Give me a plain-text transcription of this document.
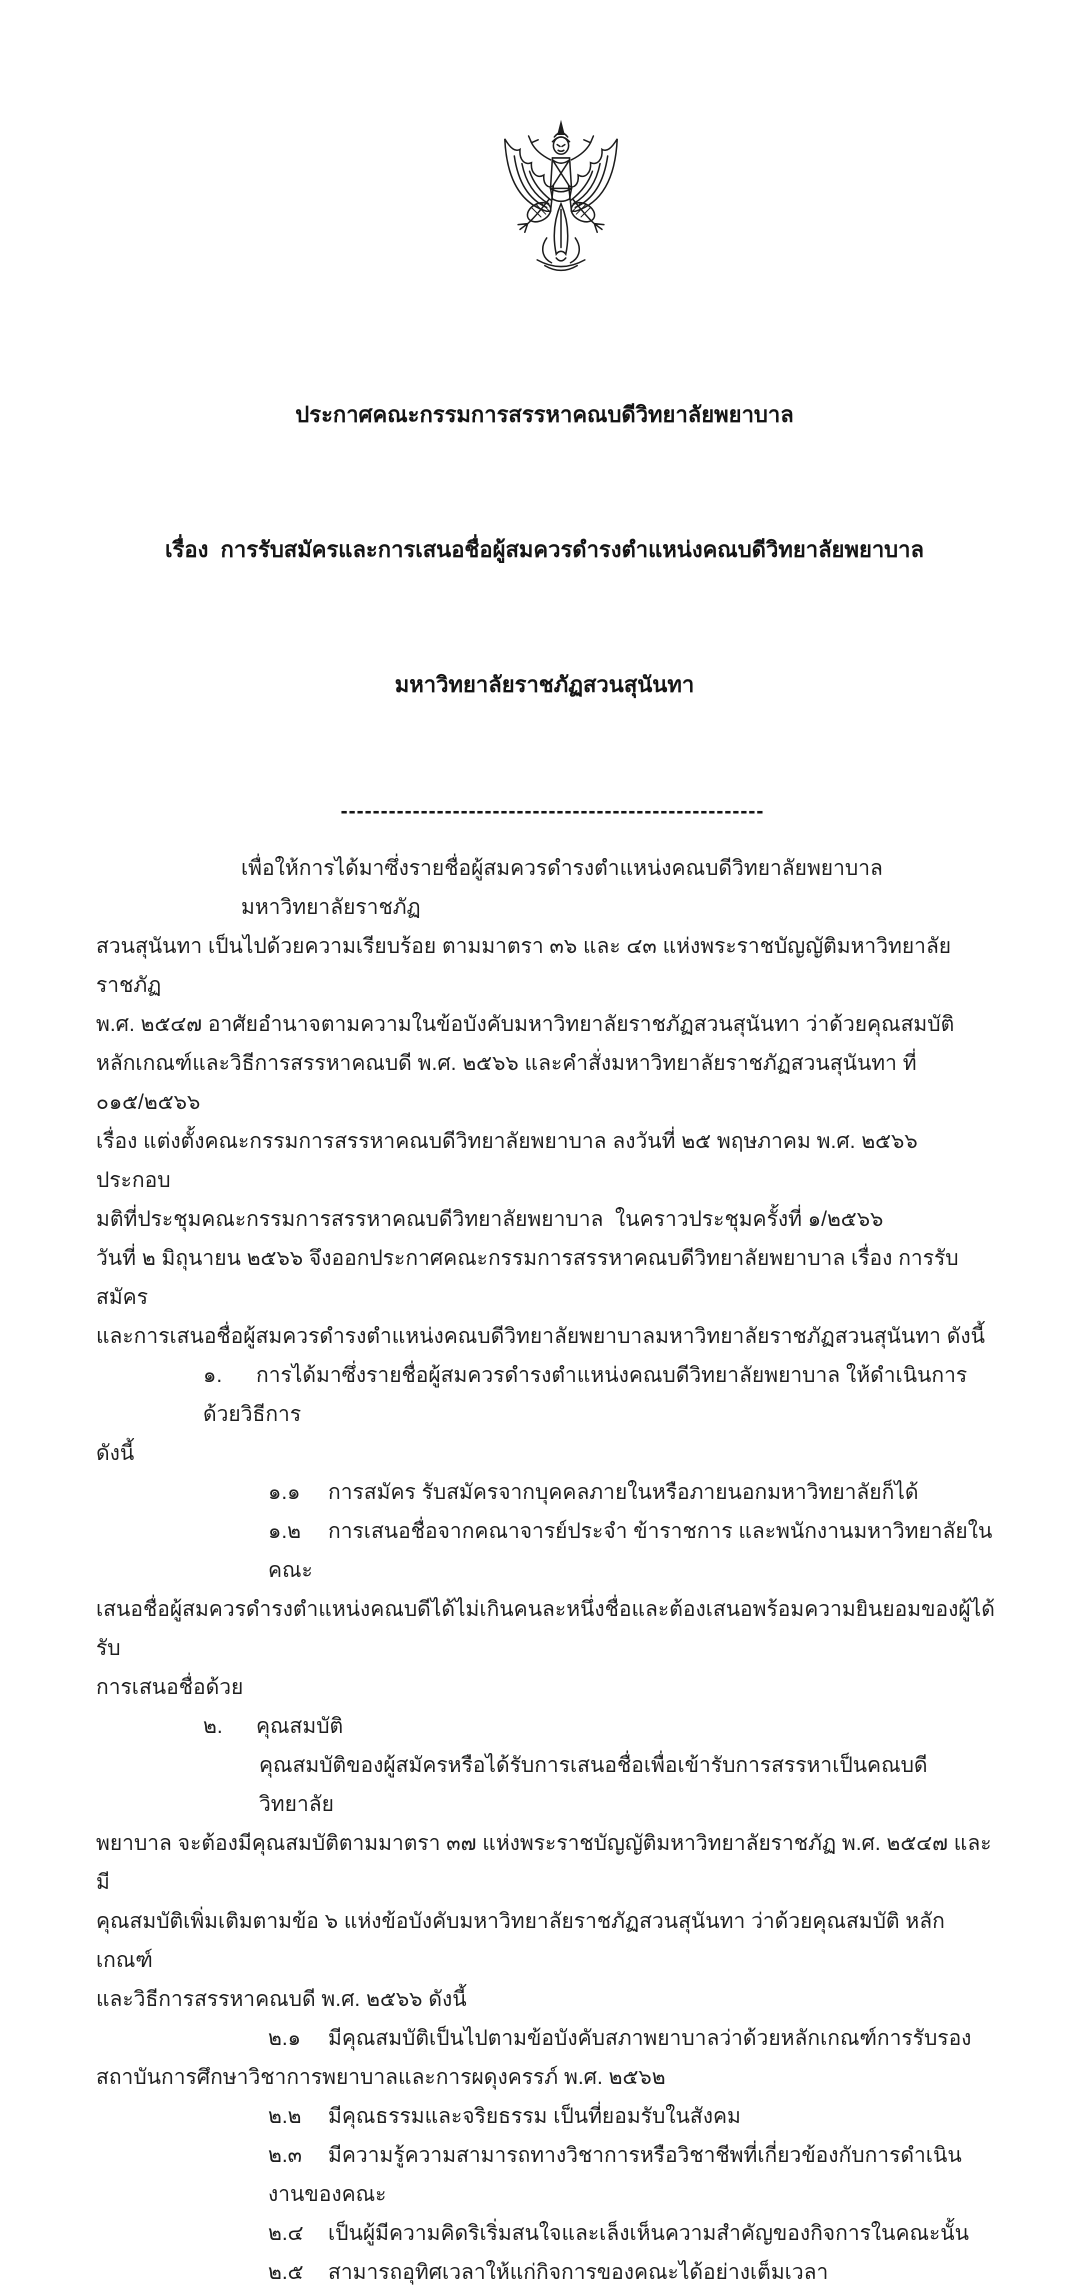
ประกาศคณะกรรมการสรรหาคณบดีวิทยาลัยพยาบาล

เรื่อง  การรับสมัครและการเสนอชื่อผู้สมควรดำรงตำแหน่งคณบดีวิทยาลัยพยาบาล

มหาวิทยาลัยราชภัฏสวนสุนันทา

-----------------------------------------------------
เพื่อให้การได้มาซึ่งรายชื่อผู้สมควรดำรงตำแหน่งคณบดีวิทยาลัยพยาบาล มหาวิทยาลัยราชภัฏ
สวนสุนันทา เป็นไปด้วยความเรียบร้อย ตามมาตรา ๓๖ และ ๔๓ แห่งพระราชบัญญัติมหาวิทยาลัยราชภัฏ
พ.ศ. ๒๕๔๗ อาศัยอำนาจตามความในข้อบังคับมหาวิทยาลัยราชภัฏสวนสุนันทา ว่าด้วยคุณสมบัติ
หลักเกณฑ์และวิธีการสรรหาคณบดี พ.ศ. ๒๕๖๖ และคำสั่งมหาวิทยาลัยราชภัฏสวนสุนันทา ที่ ๐๑๕/๒๕๖๖
เรื่อง แต่งตั้งคณะกรรมการสรรหาคณบดีวิทยาลัยพยาบาล ลงวันที่ ๒๕ พฤษภาคม พ.ศ. ๒๕๖๖ ประกอบ
มติที่ประชุมคณะกรรมการสรรหาคณบดีวิทยาลัยพยาบาล  ในคราวประชุมครั้งที่ ๑/๒๕๖๖
วันที่ ๒ มิถุนายน ๒๕๖๖ จึงออกประกาศคณะกรรมการสรรหาคณบดีวิทยาลัยพยาบาล เรื่อง การรับสมัคร
และการเสนอชื่อผู้สมควรดำรงตำแหน่งคณบดีวิทยาลัยพยาบาลมหาวิทยาลัยราชภัฏสวนสุนันทา ดังนี้
๑. การได้มาซึ่งรายชื่อผู้สมควรดำรงตำแหน่งคณบดีวิทยาลัยพยาบาล ให้ดำเนินการด้วยวิธีการ
ดังนี้
๑.๑ การสมัคร รับสมัครจากบุคคลภายในหรือภายนอกมหาวิทยาลัยก็ได้
๑.๒ การเสนอชื่อจากคณาจารย์ประจำ ข้าราชการ และพนักงานมหาวิทยาลัยในคณะ
เสนอชื่อผู้สมควรดำรงตำแหน่งคณบดีได้ไม่เกินคนละหนึ่งชื่อและต้องเสนอพร้อมความยินยอมของผู้ได้รับ
การเสนอชื่อด้วย
๒. คุณสมบัติ
คุณสมบัติของผู้สมัครหรือได้รับการเสนอชื่อเพื่อเข้ารับการสรรหาเป็นคณบดีวิทยาลัย
พยาบาล จะต้องมีคุณสมบัติตามมาตรา ๓๗ แห่งพระราชบัญญัติมหาวิทยาลัยราชภัฏ พ.ศ. ๒๕๔๗ และมี
คุณสมบัติเพิ่มเติมตามข้อ ๖ แห่งข้อบังคับมหาวิทยาลัยราชภัฏสวนสุนันทา ว่าด้วยคุณสมบัติ หลักเกณฑ์
และวิธีการสรรหาคณบดี พ.ศ. ๒๕๖๖ ดังนี้
๒.๑ มีคุณสมบัติเป็นไปตามข้อบังคับสภาพยาบาลว่าด้วยหลักเกณฑ์การรับรอง
สถาบันการศึกษาวิชาการพยาบาลและการผดุงครรภ์ พ.ศ. ๒๕๖๒
๒.๒ มีคุณธรรมและจริยธรรม เป็นที่ยอมรับในสังคม
๒.๓ มีความรู้ความสามารถทางวิชาการหรือวิชาชีพที่เกี่ยวข้องกับการดำเนินงานของคณะ
๒.๔ เป็นผู้มีความคิดริเริ่มสนใจและเล็งเห็นความสำคัญของกิจการในคณะนั้น
๒.๕ สามารถอุทิศเวลาให้แก่กิจการของคณะได้อย่างเต็มเวลา
